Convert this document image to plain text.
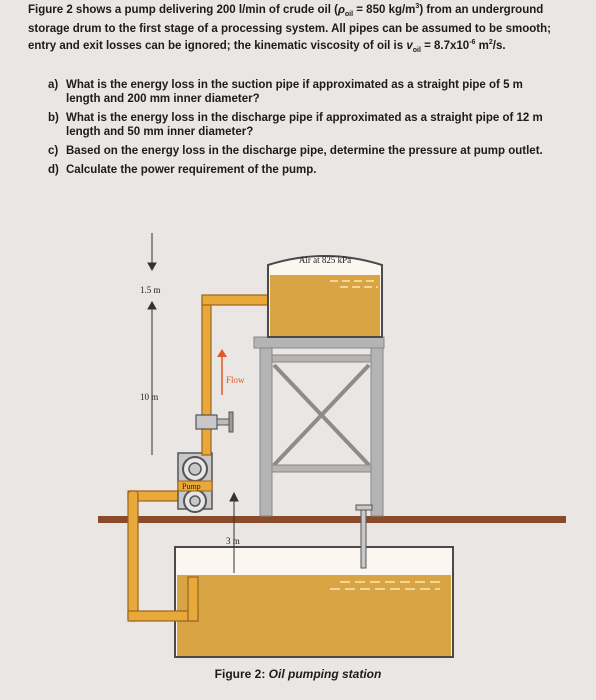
Figure 2 shows a pump delivering 200 l/min of crude oil ($\rho_{oil} = 850$ $kg/m^3$) from an underground storage drum to the first stage of a processing system. All pipes can be assumed to be smooth; entry and exit losses can be ignored; the kinematic viscosity of oil is $v_{oil} = 8.7x10^{-6}$ $m^2/s$.

a) What is the energy loss in the suction pipe if approximated as a straight pipe of 5 m length and 200 mm inner diameter?
b) What is the energy loss in the discharge pipe if approximated as a straight pipe of 12 m length and 50 mm inner diameter?
c) Based on the energy loss in the discharge pipe, determine the pressure at pump outlet.
d) Calculate the power requirement of the pump.
Pump
Flow
Air at 825 kPa
1.5 m
10 m
3 m
Figure 2: Oil pumping station
